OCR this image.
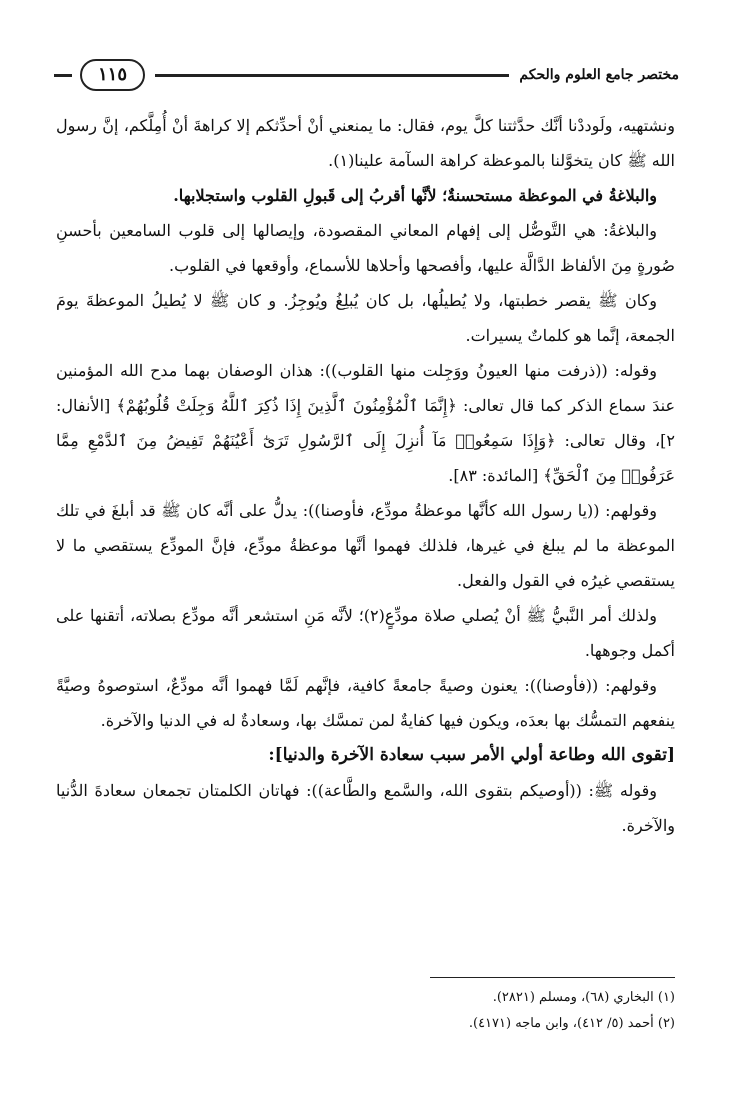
مختصر جامع العلوم والحكم
١١٥

ونشتهيه، ولَوددْنا أنَّك حدَّثتنا كلَّ يوم، فقال: ما يمنعني أنْ أحدِّثكم إلا كراهةَ أنْ أُمِلَّكم، إنَّ رسول الله ﷺ كان يتخوَّلنا بالموعظة كراهة السآمة علينا(١).

والبلاغةُ في الموعظة مستحسنةٌ؛ لأنَّها أقربُ إلى قَبولِ القلوب واستجلابها.

والبلاغةُ: هي التَّوصُّل إلى إفهام المعاني المقصودة، وإيصالها إلى قلوب السامعين بأحسنِ صُورةٍ مِنَ الألفاظ الدَّالَّة عليها، وأفصحها وأحلاها للأسماع، وأوقعها في القلوب.

وكان ﷺ يقصر خطبتها، ولا يُطيلُها، بل كان يُبلِغُ ويُوجِزُ. و كان ﷺ لا يُطيلُ الموعظةَ يومَ الجمعة، إنَّما هو كلماتٌ يسيرات.

وقوله: ((ذرفت منها العيونُ ووَجِلت منها القلوب)): هذان الوصفان بهما مدح الله المؤمنين عندَ سماع الذكر كما قال تعالى: ﴿إِنَّمَا ٱلْمُؤْمِنُونَ ٱلَّذِينَ إِذَا ذُكِرَ ٱللَّهُ وَجِلَتْ قُلُوبُهُمْ﴾ [الأنفال: ٢]، وقال تعالى: ﴿وَإِذَا سَمِعُوا۟ مَآ أُنزِلَ إِلَى ٱلرَّسُولِ تَرَىٰٓ أَعْيُنَهُمْ تَفِيضُ مِنَ ٱلدَّمْعِ مِمَّا عَرَفُوا۟ مِنَ ٱلْحَقِّ﴾ [المائدة: ٨٣].

وقولهم: ((يا رسول الله كأنَّها موعظةُ مودِّع، فأوصنا)): يدلُّ على أنَّه كان ﷺ قد أبلغَ في تلك الموعظة ما لم يبلغ في غيرها، فلذلك فهموا أنَّها موعظةُ مودِّع، فإنَّ المودِّع يستقصي ما لا يستقصي غيرُه في القول والفعل.

ولذلك أمر النَّبيُّ ﷺ أنْ يُصلي صلاة مودِّعٍ(٢)؛ لأنَّه مَنِ استشعر أنَّه مودِّع بصلاته، أتقنها على أكمل وجوهها.

وقولهم: ((فأوصنا)): يعنون وصيةً جامعةً كافية، فإنَّهم لَمَّا فهموا أنَّه مودِّعٌ، استوصوهُ وصيَّةً ينفعهم التمسُّك بها بعدَه، ويكون فيها كفايةٌ لمن تمسَّك بها، وسعادةٌ له في الدنيا والآخرة.

[تقوى الله وطاعة أولي الأمر سبب سعادة الآخرة والدنيا]:

وقوله ﷺ: ((أوصيكم بتقوى الله، والسَّمع والطَّاعة)): فهاتان الكلمتان تجمعان سعادةَ الدُّنيا والآخرة.

(١) البخاري (٦٨)، ومسلم (٢٨٢١).
(٢) أحمد (٥/ ٤١٢)، وابن ماجه (٤١٧١).
